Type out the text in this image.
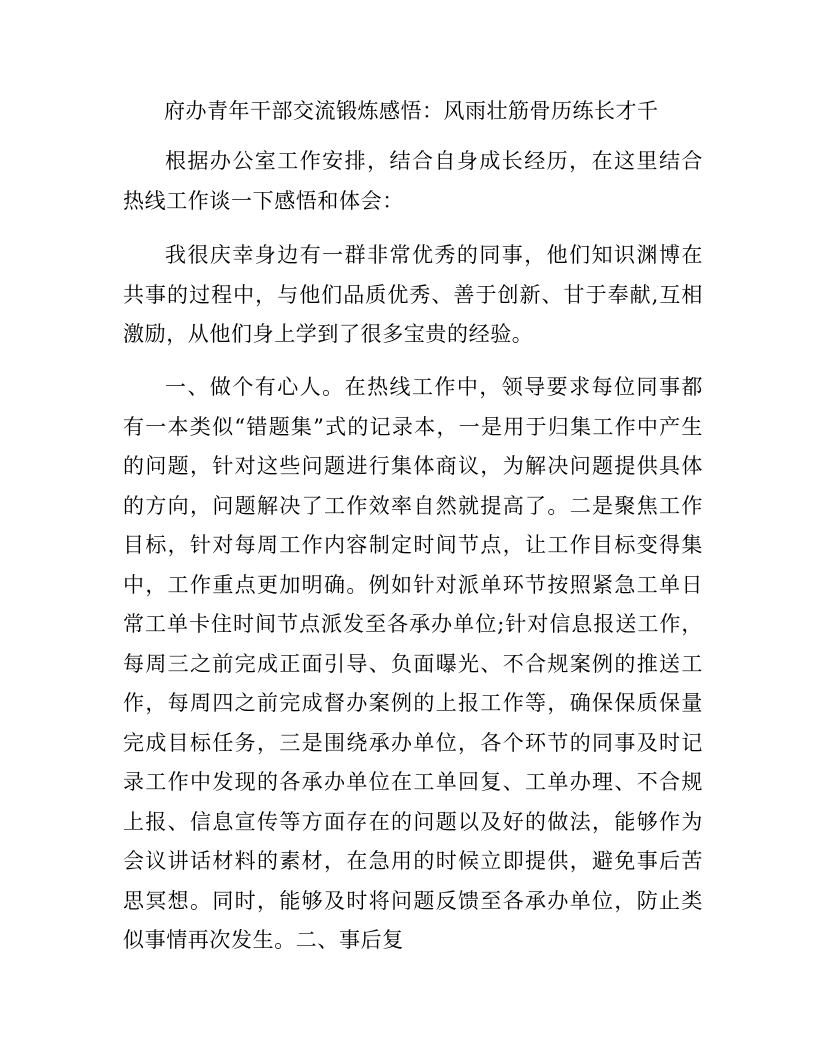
府办青年干部交流锻炼感悟：风雨壮筋骨历练长才千

根据办公室工作安排，结合自身成长经历，在这里结合热线工作谈一下感悟和体会：

我很庆幸身边有一群非常优秀的同事，他们知识渊博在共事的过程中，与他们品质优秀、善于创新、甘于奉献,互相激励，从他们身上学到了很多宝贵的经验。

一、做个有心人。在热线工作中，领导要求每位同事都有一本类似“错题集”式的记录本，一是用于归集工作中产生的问题，针对这些问题进行集体商议，为解决问题提供具体的方向，问题解决了工作效率自然就提高了。二是聚焦工作目标，针对每周工作内容制定时间节点，让工作目标变得集中，工作重点更加明确。例如针对派单环节按照紧急工单日常工单卡住时间节点派发至各承办单位;针对信息报送工作，每周三之前完成正面引导、负面曝光、不合规案例的推送工作，每周四之前完成督办案例的上报工作等，确保保质保量完成目标任务，三是围绕承办单位，各个环节的同事及时记录工作中发现的各承办单位在工单回复、工单办理、不合规上报、信息宣传等方面存在的问题以及好的做法，能够作为会议讲话材料的素材，在急用的时候立即提供，避免事后苦思冥想。同时，能够及时将问题反馈至各承办单位，防止类似事情再次发生。二、事后复
